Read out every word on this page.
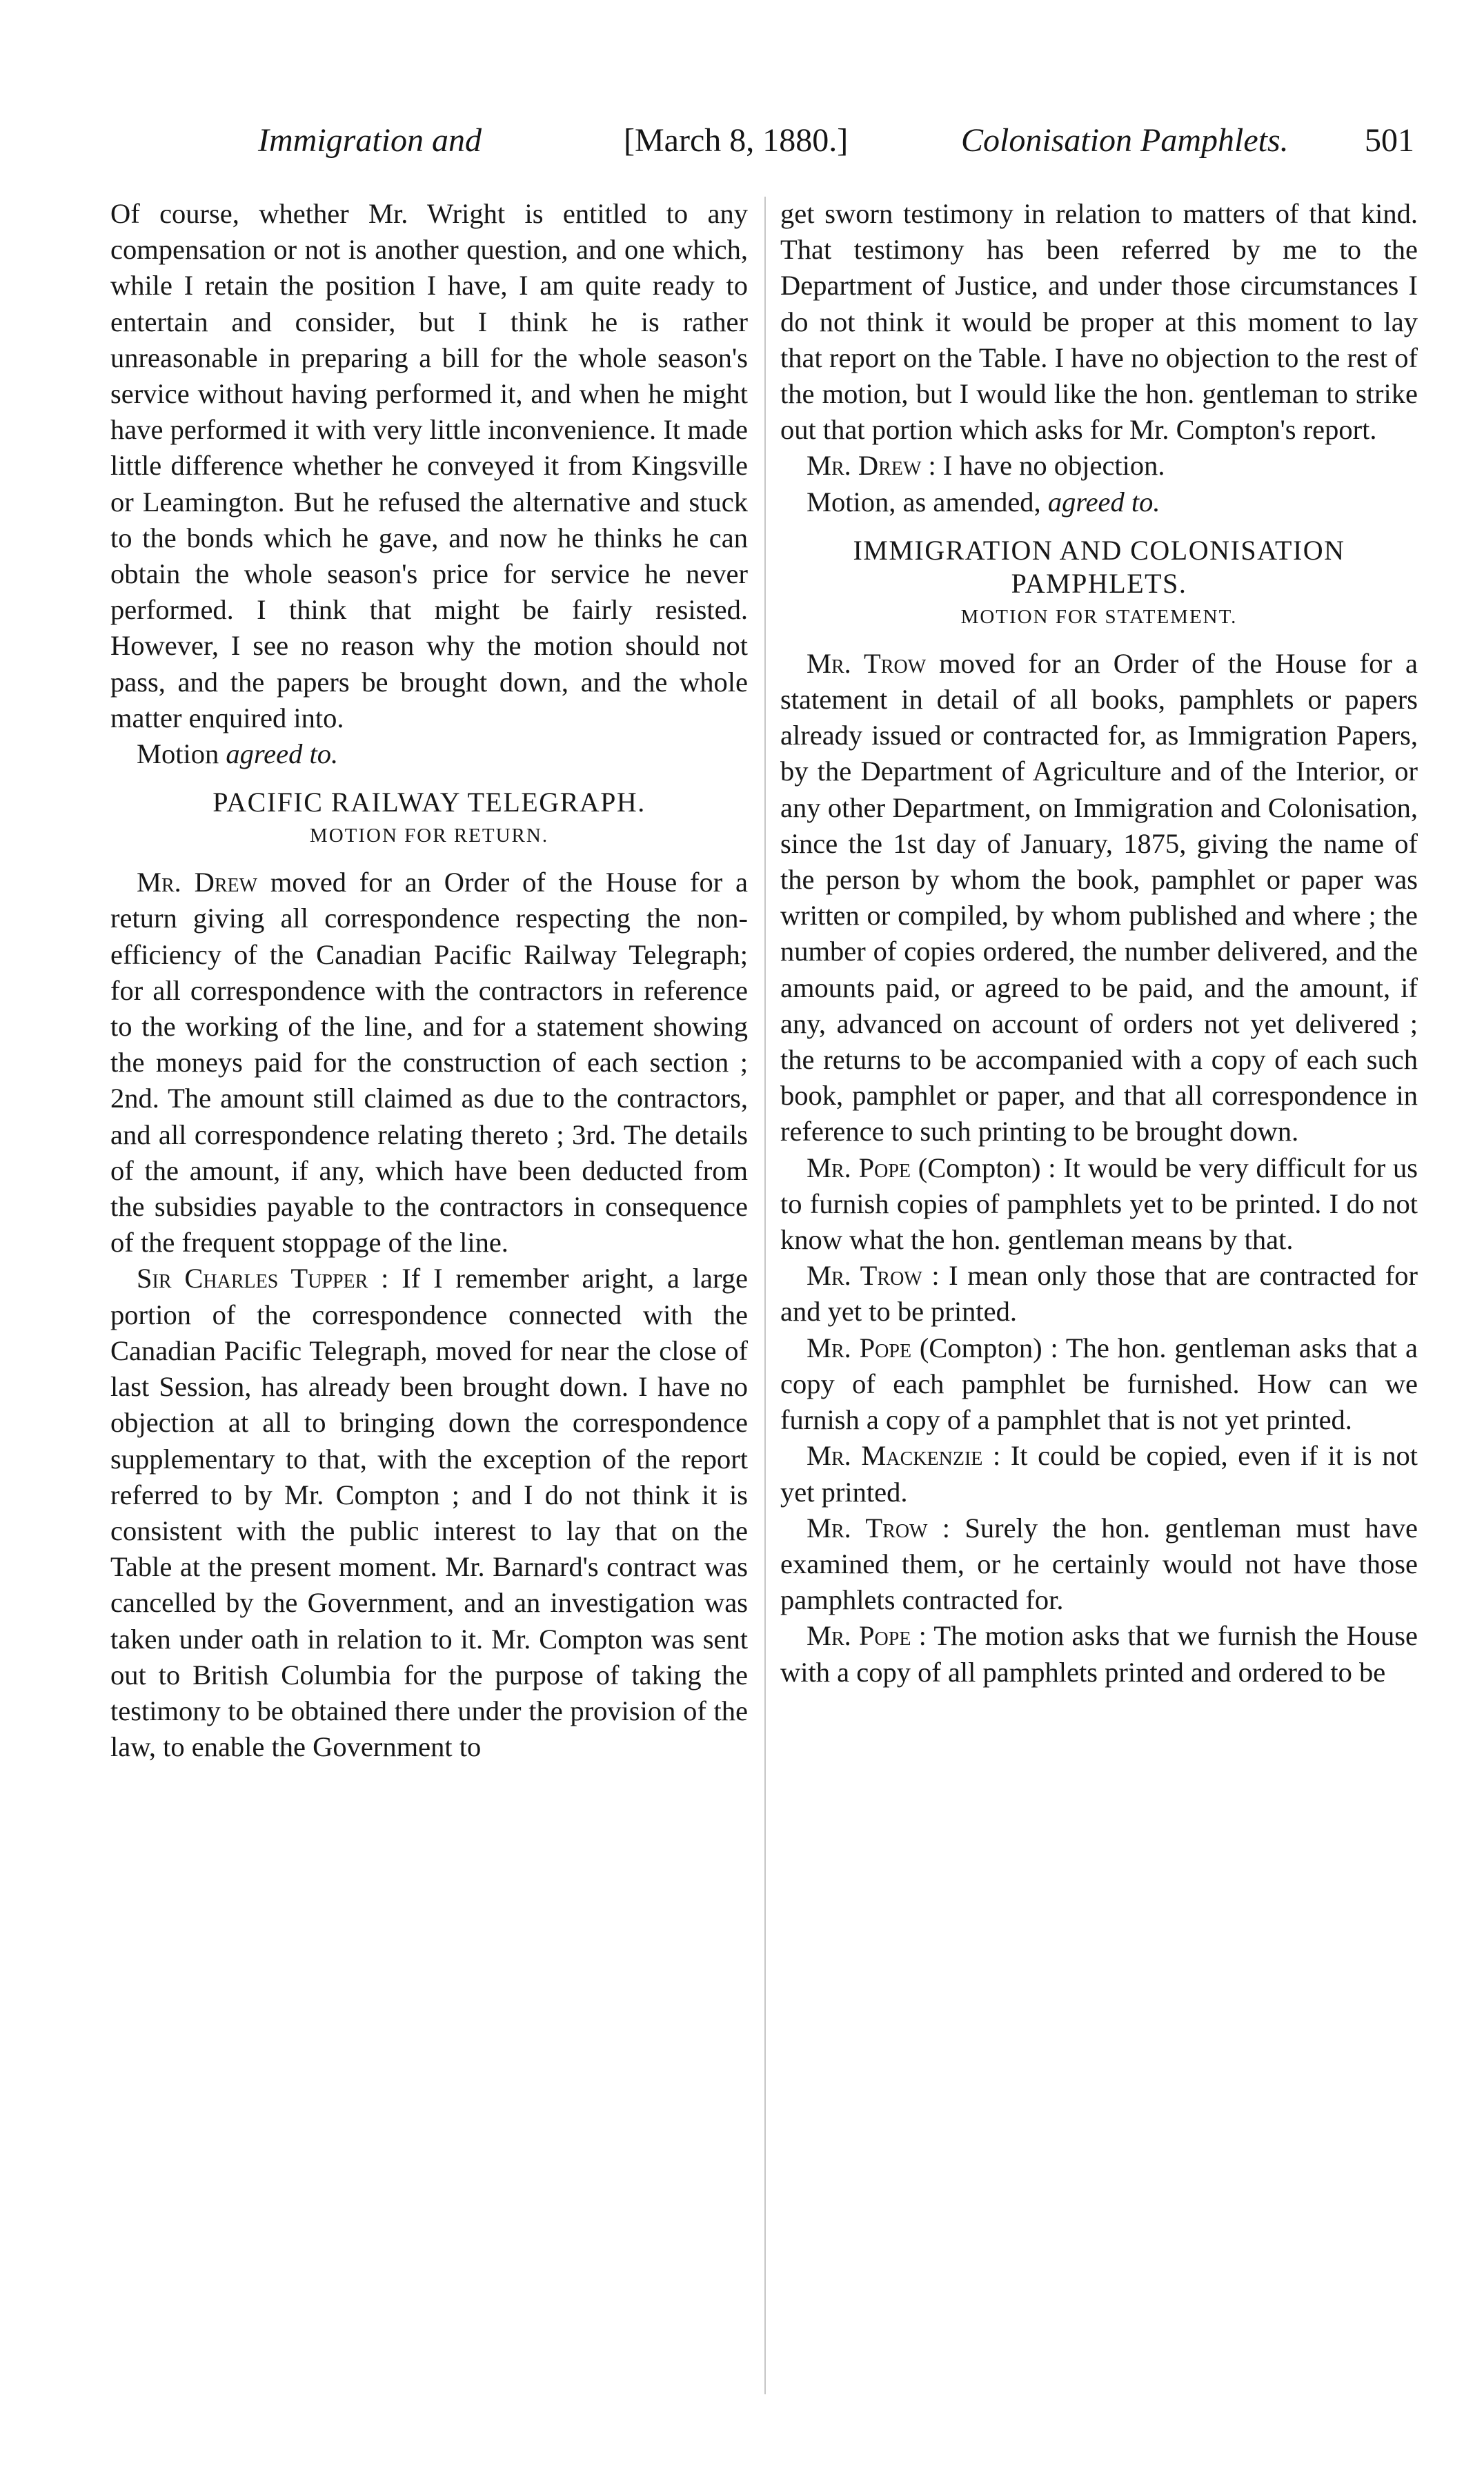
Immigration and	[March 8, 1880.]	Colonisation Pamphlets. 501

Of course, whether Mr. Wright is entitled to any compensation or not is another question, and one which, while I retain the position I have, I am quite ready to entertain and consider, but I think he is rather unreasonable in preparing a bill for the whole season's service without having performed it, and when he might have performed it with very little inconvenience. It made little difference whether he conveyed it from Kingsville or Leamington. But he refused the alternative and stuck to the bonds which he gave, and now he thinks he can obtain the whole season's price for service he never performed. I think that might be fairly resisted. However, I see no reason why the motion should not pass, and the papers be brought down, and the whole matter enquired into.

Motion agreed to.

PACIFIC RAILWAY TELEGRAPH.
MOTION FOR RETURN.

Mr. Drew moved for an Order of the House for a return giving all correspondence respecting the non-efficiency of the Canadian Pacific Railway Telegraph; for all correspondence with the contractors in reference to the working of the line, and for a statement showing the moneys paid for the construction of each section ; 2nd. The amount still claimed as due to the contractors, and all correspondence relating thereto ; 3rd. The details of the amount, if any, which have been deducted from the subsidies payable to the contractors in consequence of the frequent stoppage of the line.

Sir Charles Tupper : If I remember aright, a large portion of the correspondence connected with the Canadian Pacific Telegraph, moved for near the close of last Session, has already been brought down. I have no objection at all to bringing down the correspondence supplementary to that, with the exception of the report referred to by Mr. Compton ; and I do not think it is consistent with the public interest to lay that on the Table at the present moment. Mr. Barnard's contract was cancelled by the Government, and an investigation was taken under oath in relation to it. Mr. Compton was sent out to British Columbia for the purpose of taking the testimony to be obtained there under the provision of the law, to enable the Government to

get sworn testimony in relation to matters of that kind. That testimony has been referred by me to the Department of Justice, and under those circumstances I do not think it would be proper at this moment to lay that report on the Table. I have no objection to the rest of the motion, but I would like the hon. gentleman to strike out that portion which asks for Mr. Compton's report.

Mr. Drew : I have no objection.

Motion, as amended, agreed to.

IMMIGRATION AND COLONISATION PAMPHLETS.
MOTION FOR STATEMENT.

Mr. Trow moved for an Order of the House for a statement in detail of all books, pamphlets or papers already issued or contracted for, as Immigration Papers, by the Department of Agriculture and of the Interior, or any other Department, on Immigration and Colonisation, since the 1st day of January, 1875, giving the name of the person by whom the book, pamphlet or paper was written or compiled, by whom published and where ; the number of copies ordered, the number delivered, and the amounts paid, or agreed to be paid, and the amount, if any, advanced on account of orders not yet delivered ; the returns to be accompanied with a copy of each such book, pamphlet or paper, and that all correspondence in reference to such printing to be brought down.

Mr. Pope (Compton) : It would be very difficult for us to furnish copies of pamphlets yet to be printed. I do not know what the hon. gentleman means by that.

Mr. Trow : I mean only those that are contracted for and yet to be printed.

Mr. Pope (Compton) : The hon. gentleman asks that a copy of each pamphlet be furnished. How can we furnish a copy of a pamphlet that is not yet printed.

Mr. Mackenzie : It could be copied, even if it is not yet printed.

Mr. Trow : Surely the hon. gentleman must have examined them, or he certainly would not have those pamphlets contracted for.

Mr. Pope : The motion asks that we furnish the House with a copy of all pamphlets printed and ordered to be
